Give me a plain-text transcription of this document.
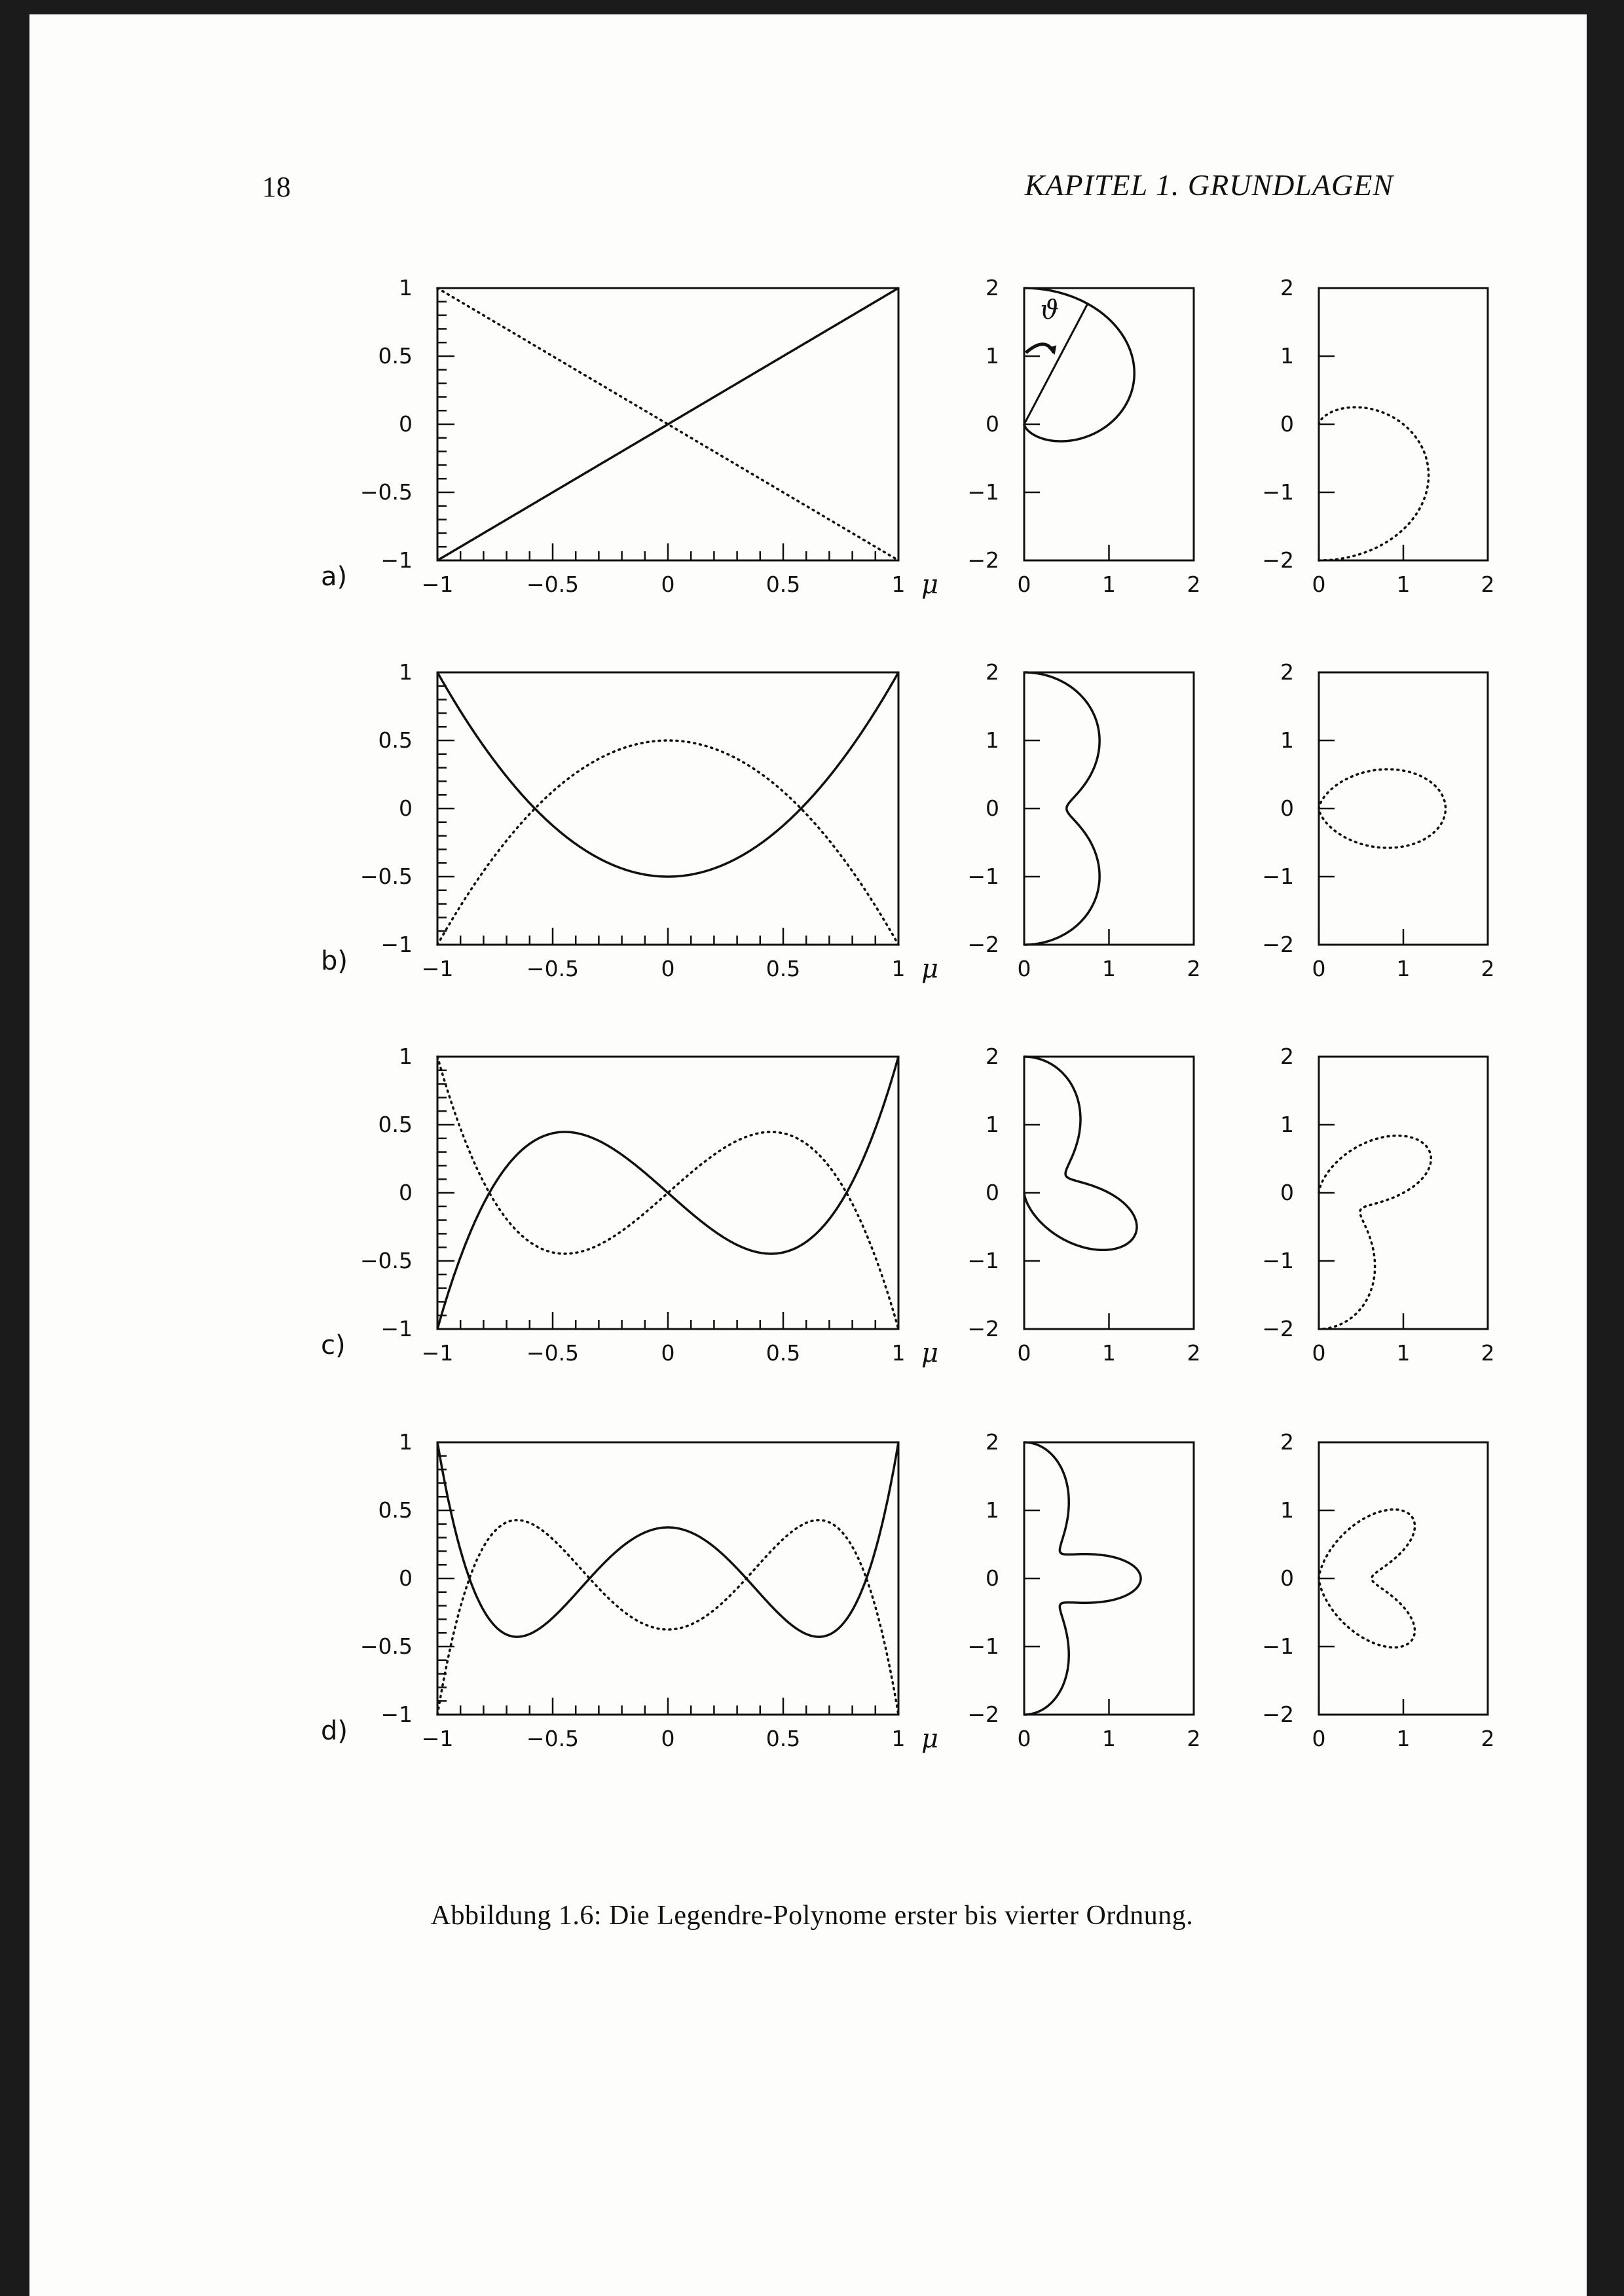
18	KAPITEL 1. GRUNDLAGEN
−1	−0.5	0	0.5	1
1
0.5
0
−0.5
−1
a)	μ	0	1	2
2
1
0
−1
−2
ϑ
0	1	2
2
1
0
−1
−2
−1	−0.5	0	0.5	1
1
0.5
0
−0.5
−1
b)	μ	0	1	2
2
1
0
−1
−2
0	1	2
2
1
0
−1
−2
−1	−0.5	0	0.5	1
1
0.5
0
−0.5
−1
c)	μ	0	1	2
2
1
0
−1
−2
0	1	2
2
1
0
−1
−2
−1	−0.5	0	0.5	1
1
0.5
0
−0.5
−1
d)	μ	0	1	2
2
1
0
−1
−2
0	1	2
2
1
0
−1
−2
Abbildung 1.6: Die Legendre-Polynome erster bis vierter Ordnung.
